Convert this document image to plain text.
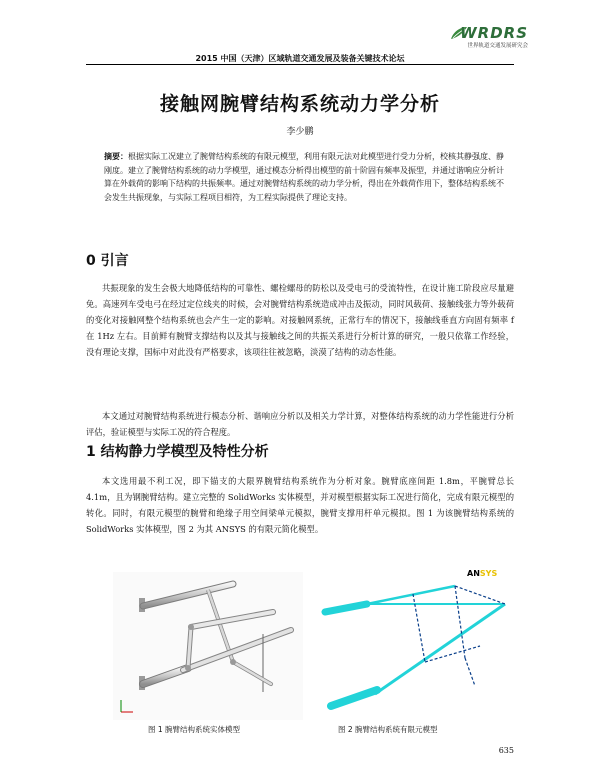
WRDRS
世界轨道交通发展研究会
2015 中国（天津）区域轨道交通发展及装备关键技术论坛
接触网腕臂结构系统动力学分析
李少鹏
摘要：根据实际工况建立了腕臂结构系统的有限元模型，利用有限元法对此模型进行受力分析，校核其静强度、静刚度。建立了腕臂结构系统的动力学模型，通过模态分析得出模型的前十阶固有频率及振型，并通过谐响应分析计算在外载荷的影响下结构的共振频率。通过对腕臂结构系统的动力学分析，得出在外载荷作用下，整体结构系统不会发生共振现象，与实际工程项目相符，为工程实际提供了理论支持。
0 引言

共振现象的发生会极大地降低结构的可靠性、螺栓螺母的防松以及受电弓的受流特性，在设计施工阶段应尽量避免。高速列车受电弓在经过定位线夹的时候，会对腕臂结构系统造成冲击及振动，同时风载荷、接触线张力等外载荷的变化对接触网整个结构系统也会产生一定的影响。对接触网系统，正常行车的情况下，接触线垂直方向固有频率 f 在 1Hz 左右。目前鲜有腕臂支撑结构以及其与接触线之间的共振关系进行分析计算的研究，一般只依靠工作经验，没有理论支撑，国标中对此没有严格要求，该项往往被忽略，淡漠了结构的动态性能。

本文通过对腕臂结构系统进行模态分析、谐响应分析以及相关力学计算，对整体结构系统的动力学性能进行分析评估，验证模型与实际工况的符合程度。

1 结构静力学模型及特性分析

本文选用最不利工况，即下锚支的大限界腕臂结构系统作为分析对象。腕臂底座间距 1.8m，平腕臂总长 4.1m，且为钢腕臂结构。建立完整的 SolidWorks 实体模型，并对模型根据实际工况进行简化，完成有限元模型的转化。同时，有限元模型的腕臂和绝缘子用空间梁单元模拟，腕臂支撑用杆单元模拟。图 1 为该腕臂结构系统的 SolidWorks 实体模型，图 2 为其 ANSYS 的有限元简化模型。

ANSYS
图 1 腕臂结构系统实体模型	图 2 腕臂结构系统有限元模型
635
